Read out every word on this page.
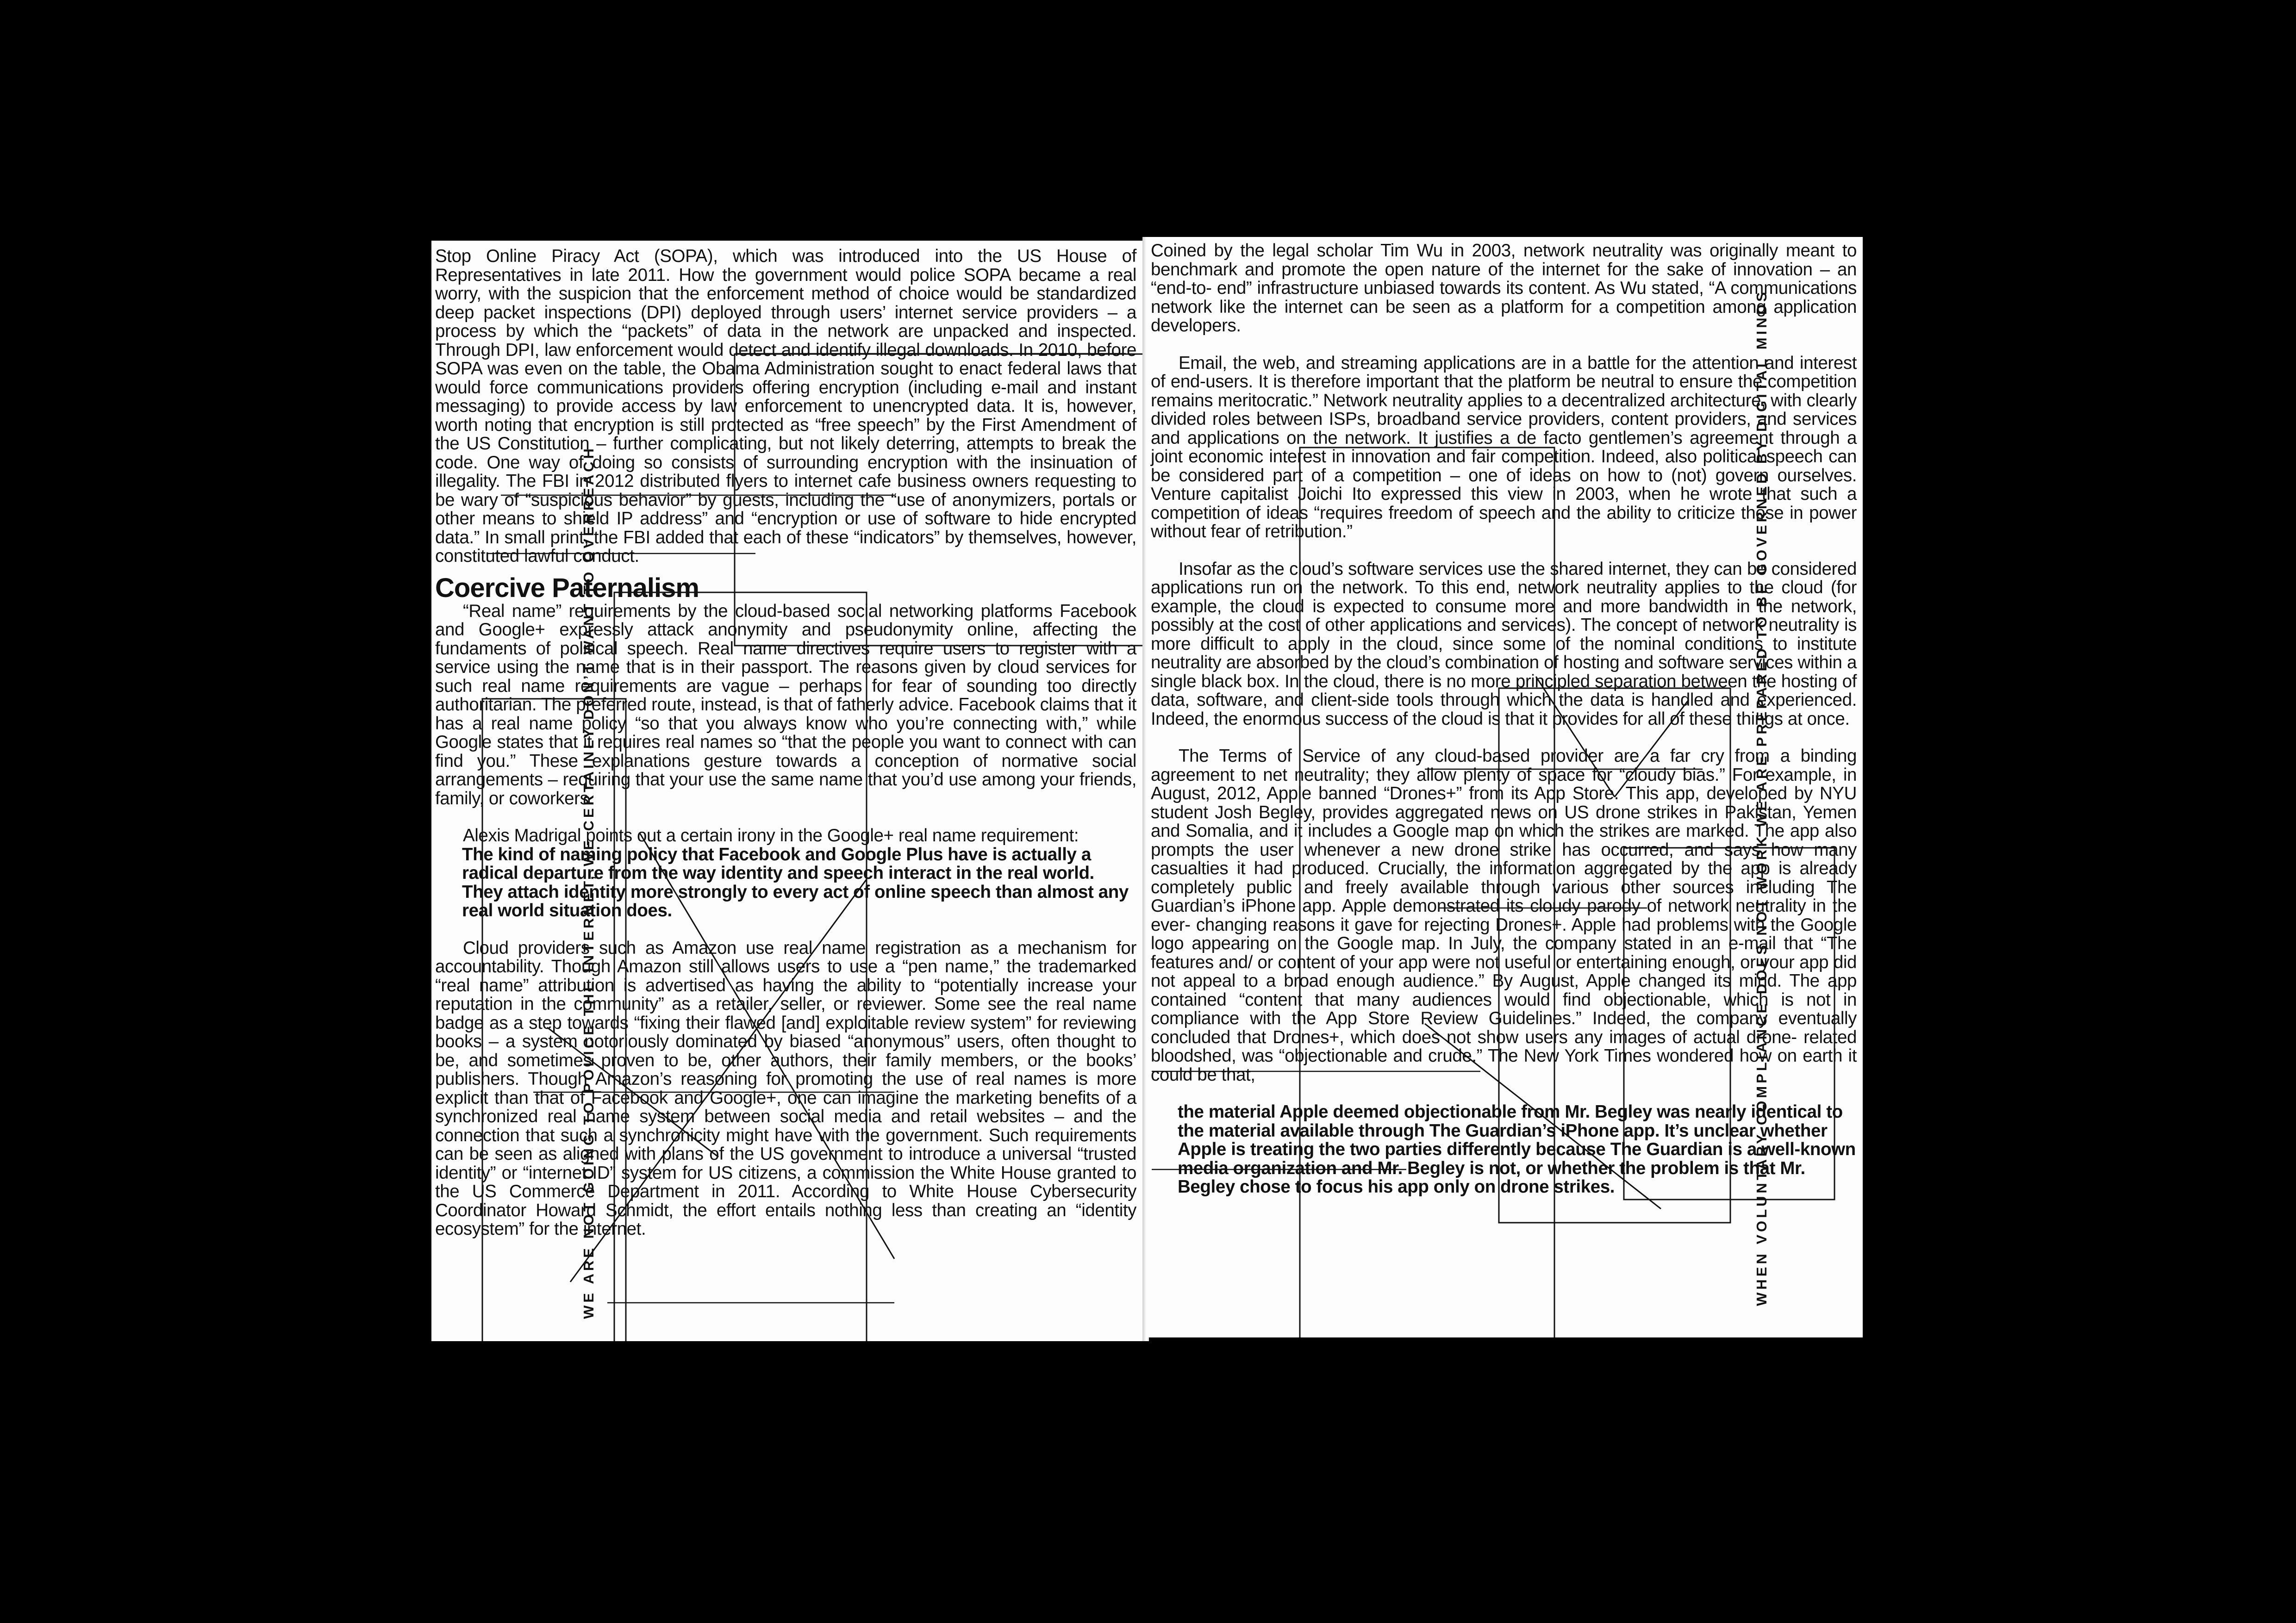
Stop Online Piracy Act (SOPA), which was introduced into the US House of Representatives in late 2011. How the government would police SOPA became a real worry, with the suspicion that the enforcement method of choice would be standardized deep packet inspections (DPI) deployed through users’ internet service providers – a process by which the “packets” of data in the network are unpacked and inspected. Through DPI, law enforcement would detect and identify illegal downloads. In 2010, before SOPA was even on the table, the Obama Administration sought to enact federal laws that would force communications providers offering encryption (including e-mail and instant messaging) to provide access by law enforcement to unencrypted data. It is, however, worth noting that encryption is still protected as “free speech” by the First Amendment of the US Constitution – further complicating, but not likely deterring, attempts to break the code. One way of doing so consists of surrounding encryption with the insinuation of illegality. The FBI in 2012 distributed flyers to internet cafe business owners requesting to be wary of “suspicious behavior” by guests, including the “use of anonymizers, portals or other means to shield IP address” and “encryption or use of software to hide encrypted data.” In small print, the FBI added that each of these “indicators” by themselves, however, constituted lawful conduct.

Coercive Paternalism

“Real name” requirements by the cloud-based social networking platforms Facebook and Google+ expressly attack anonymity and pseudonymity online, affecting the fundaments of political speech. Real name directives require users to register with a service using the name that is in their passport. The reasons given by cloud services for such real name requirements are vague – perhaps for fear of sounding too directly authoritarian. The preferred route, instead, is that of fatherly advice. Facebook claims that it has a real name policy “so that you always know who you’re connecting with,” while Google states that it requires real names so “that the people you want to connect with can find you.” These explanations gesture towards a conception of normative social arrangements – requiring that your use the same name that you’d use among your friends, family, or coworkers.

Alexis Madrigal points out a certain irony in the Google+ real name requirement:

The kind of naming policy that Facebook and Google Plus have is actually a radical departure from the way identity and speech interact in the real world. They attach identity more strongly to every act of online speech than almost any real world situation does.

Cloud providers such as Amazon use real name registration as a mechanism for accountability. Though Amazon still allows users to use a “pen name,” the trademarked “real name” attribution is advertised as having the ability to “potentially increase your reputation in the community” as a retailer, seller, or reviewer. Some see the real name badge as a step towards “fixing their flawed [and] exploitable review system” for reviewing books – a system notoriously dominated by biased “anonymous” users, often thought to be, and sometimes proven to be, other authors, their family members, or the books’ publishers. Though Amazon’s reasoning for promoting the use of real names is more explicit than that of Facebook and Google+, one can imagine the marketing benefits of a synchronized real name system between social media and retail websites – and the connection that such a synchronicity might have with the government. Such requirements can be seen as aligned with plans of the US government to introduce a universal “trusted identity” or “internet ID” system for US citizens, a commission the White House granted to the US Commerce Department in 2011. According to White House Cybersecurity Coordinator Howard Schmidt, the effort entails nothing less than creating an “identity ecosystem” for the internet.

WE ARE NOT GOING TO POLICE THE INTERNET, WE CERTAINLY DON’T WANT TO OVERREACH

Coined by the legal scholar Tim Wu in 2003, network neutrality was originally meant to benchmark and promote the open nature of the internet for the sake of innovation – an “end-to- end” infrastructure unbiased towards its content. As Wu stated, “A communications network like the internet can be seen as a platform for a competition among application developers.

Email, the web, and streaming applications are in a battle for the attention and interest of end-users. It is therefore important that the platform be neutral to ensure the competition remains meritocratic.” Network neutrality applies to a decentralized architecture, with clearly divided roles between ISPs, broadband service providers, content providers, and services and applications on the network. It justifies a de facto gentlemen’s agreement through a joint economic interest in innovation and fair competition. Indeed, also political speech can be considered part of a competition – one of ideas on how to (not) govern ourselves. Venture capitalist Joichi Ito expressed this view in 2003, when he wrote that such a competition of ideas “requires freedom of speech and the ability to criticize those in power without fear of retribution.”

Insofar as the cloud’s software services use the shared internet, they can be considered applications run on the network. To this end, network neutrality applies to the cloud (for example, the cloud is expected to consume more and more bandwidth in the network, possibly at the cost of other applications and services). The concept of network neutrality is more difficult to apply in the cloud, since some of the nominal conditions to institute neutrality are absorbed by the cloud’s combination of hosting and software services within a single black box. In the cloud, there is no more principled separation between the hosting of data, software, and client-side tools through which the data is handled and experienced. Indeed, the enormous success of the cloud is that it provides for all of these things at once.

The Terms of Service of any cloud-based provider are a far cry from a binding agreement to net neutrality; they allow plenty of space for “cloudy bias.” For example, in August, 2012, Apple banned “Drones+” from its App Store. This app, developed by NYU student Josh Begley, provides aggregated news on US drone strikes in Pakistan, Yemen and Somalia, and it includes a Google map on which the strikes are marked. The app also prompts the user whenever a new drone strike has occurred, and says how many casualties it had produced. Crucially, the information aggregated by the app is already completely public and freely available through various other sources including The Guardian’s iPhone app. Apple demonstrated its cloudy parody of network neutrality in the ever- changing reasons it gave for rejecting Drones+. Apple had problems with the Google logo appearing on the Google map. In July, the company stated in an e-mail that “The features and/ or content of your app were not useful or entertaining enough, or your app did not appeal to a broad enough audience.” By August, Apple changed its mind. The app contained “content that many audiences would find objectionable, which is not in compliance with the App Store Review Guidelines.” Indeed, the company eventually concluded that Drones+, which does not show users any images of actual drone- related bloodshed, was “objectionable and crude.” The New York Times wondered how on earth it could be that,

the material Apple deemed objectionable from Mr. Begley was nearly identical to the material available through The Guardian’s iPhone app. It’s unclear whether Apple is treating the two parties differently because The Guardian is a well-known media organization and Mr. Begley is not, or whether the problem is that Mr. Begley chose to focus his app only on drone strikes.	WHEN VOLUNTARY COMPLIANCE DOES NOT WORK WE ARE PREPARED TO BE GOVERNED BY DIGITAL MINDS
